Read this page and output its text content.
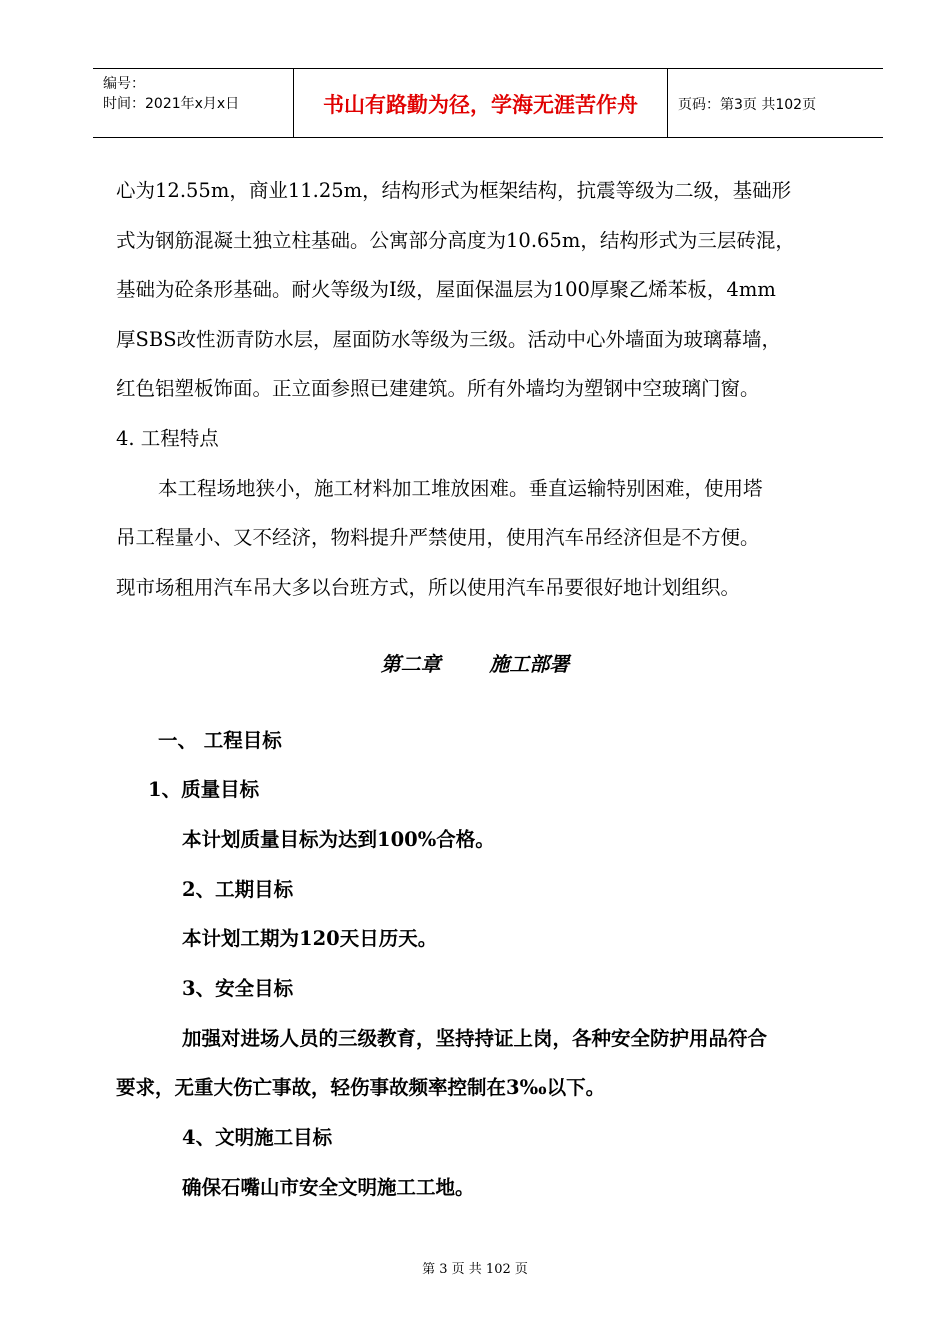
编号：
时间：2021年x月x日	书山有路勤为径，学海无涯苦作舟	页码：第3页 共102页
心为12.55m，商业11.25m，结构形式为框架结构，抗震等级为二级，基础形
式为钢筋混凝土独立柱基础。公寓部分高度为10.65m，结构形式为三层砖混，
基础为砼条形基础。耐火等级为Ⅰ级，屋面保温层为100厚聚乙烯苯板，4mm
厚SBS改性沥青防水层，屋面防水等级为三级。活动中心外墙面为玻璃幕墙，
红色铝塑板饰面。正立面参照已建建筑。所有外墙均为塑钢中空玻璃门窗。
4. 工程特点
本工程场地狭小，施工材料加工堆放困难。垂直运输特别困难，使用塔
吊工程量小、又不经济，物料提升严禁使用，使用汽车吊经济但是不方便。
现市场租用汽车吊大多以台班方式，所以使用汽车吊要很好地计划组织。
第二章       施工部署
一、 工程目标
1、质量目标
本计划质量目标为达到100%合格。
2、工期目标
本计划工期为120天日历天。
3、安全目标
加强对进场人员的三级教育，坚持持证上岗，各种安全防护用品符合
要求，无重大伤亡事故，轻伤事故频率控制在3‰以下。
4、文明施工目标
确保石嘴山市安全文明施工工地。
第 3 页 共 102 页
